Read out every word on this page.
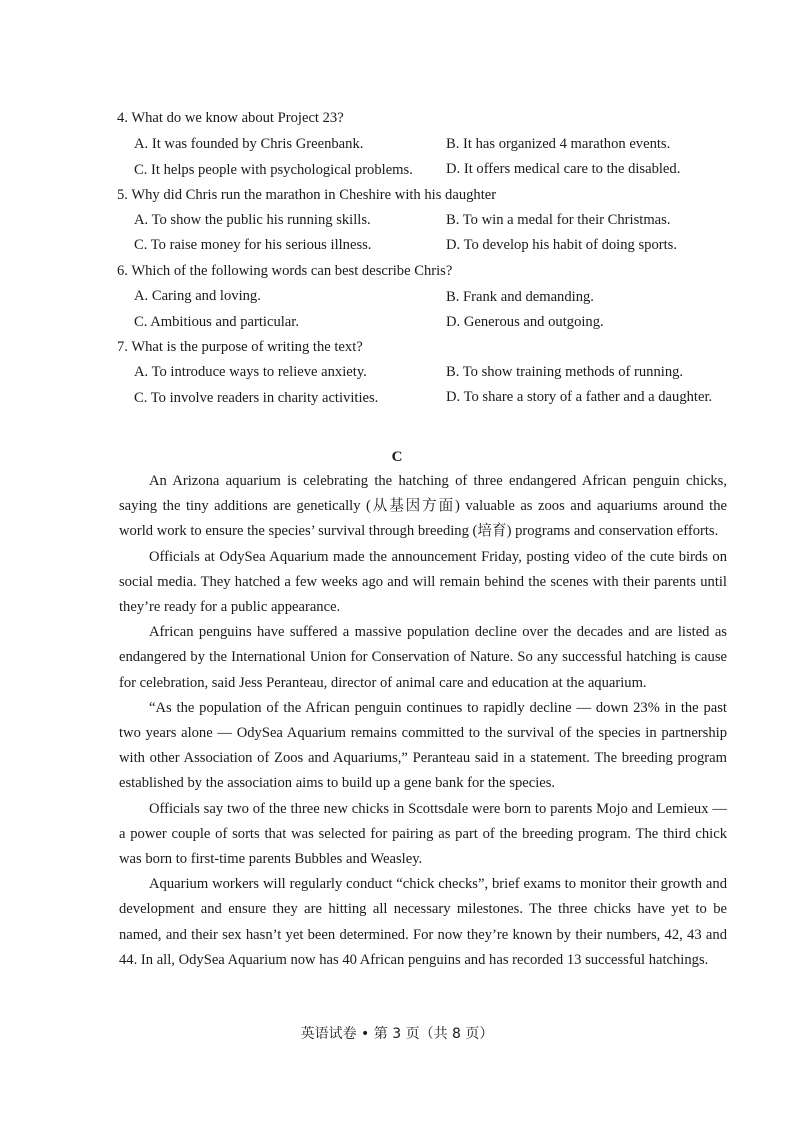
4. What do we know about Project 23?
A. It was founded by Chris Greenbank.	B. It has organized 4 marathon events.
C. It helps people with psychological problems. D. It offers medical care to the disabled.
5. Why did Chris run the marathon in Cheshire with his daughter
A. To show the public his running skills.	B. To win a medal for their Christmas.
C. To raise money for his serious illness.	D. To develop his habit of doing sports.
6. Which of the following words can best describe Chris?
A. Caring and loving.	B. Frank and demanding.
C. Ambitious and particular.	D. Generous and outgoing.
7. What is the purpose of writing the text?
A. To introduce ways to relieve anxiety.	B. To show training methods of running.
C. To involve readers in charity activities.	D. To share a story of a father and a daughter.
C

An Arizona aquarium is celebrating the hatching of three endangered African penguin chicks, saying the tiny additions are genetically (从基因方面) valuable as zoos and aquariums around the world work to ensure the species’ survival through breeding (培育) programs and conservation efforts.

Officials at OdySea Aquarium made the announcement Friday, posting video of the cute birds on social media. They hatched a few weeks ago and will remain behind the scenes with their parents until they’re ready for a public appearance.

African penguins have suffered a massive population decline over the decades and are listed as endangered by the International Union for Conservation of Nature. So any successful hatching is cause for celebration, said Jess Peranteau, director of animal care and education at the aquarium.

“As the population of the African penguin continues to rapidly decline — down 23% in the past two years alone — OdySea Aquarium remains committed to the survival of the species in partnership with other Association of Zoos and Aquariums,” Peranteau said in a statement. The breeding program established by the association aims to build up a gene bank for the species.

Officials say two of the three new chicks in Scottsdale were born to parents Mojo and Lemieux — a power couple of sorts that was selected for pairing as part of the breeding program. The third chick was born to first-time parents Bubbles and Weasley.

Aquarium workers will regularly conduct “chick checks”, brief exams to monitor their growth and development and ensure they are hitting all necessary milestones. The three chicks have yet to be named, and their sex hasn’t yet been determined. For now they’re known by their numbers, 42, 43 and 44. In all, OdySea Aquarium now has 40 African penguins and has recorded 13 successful hatchings.

英语试卷 • 第 3 页（共 8 页）
